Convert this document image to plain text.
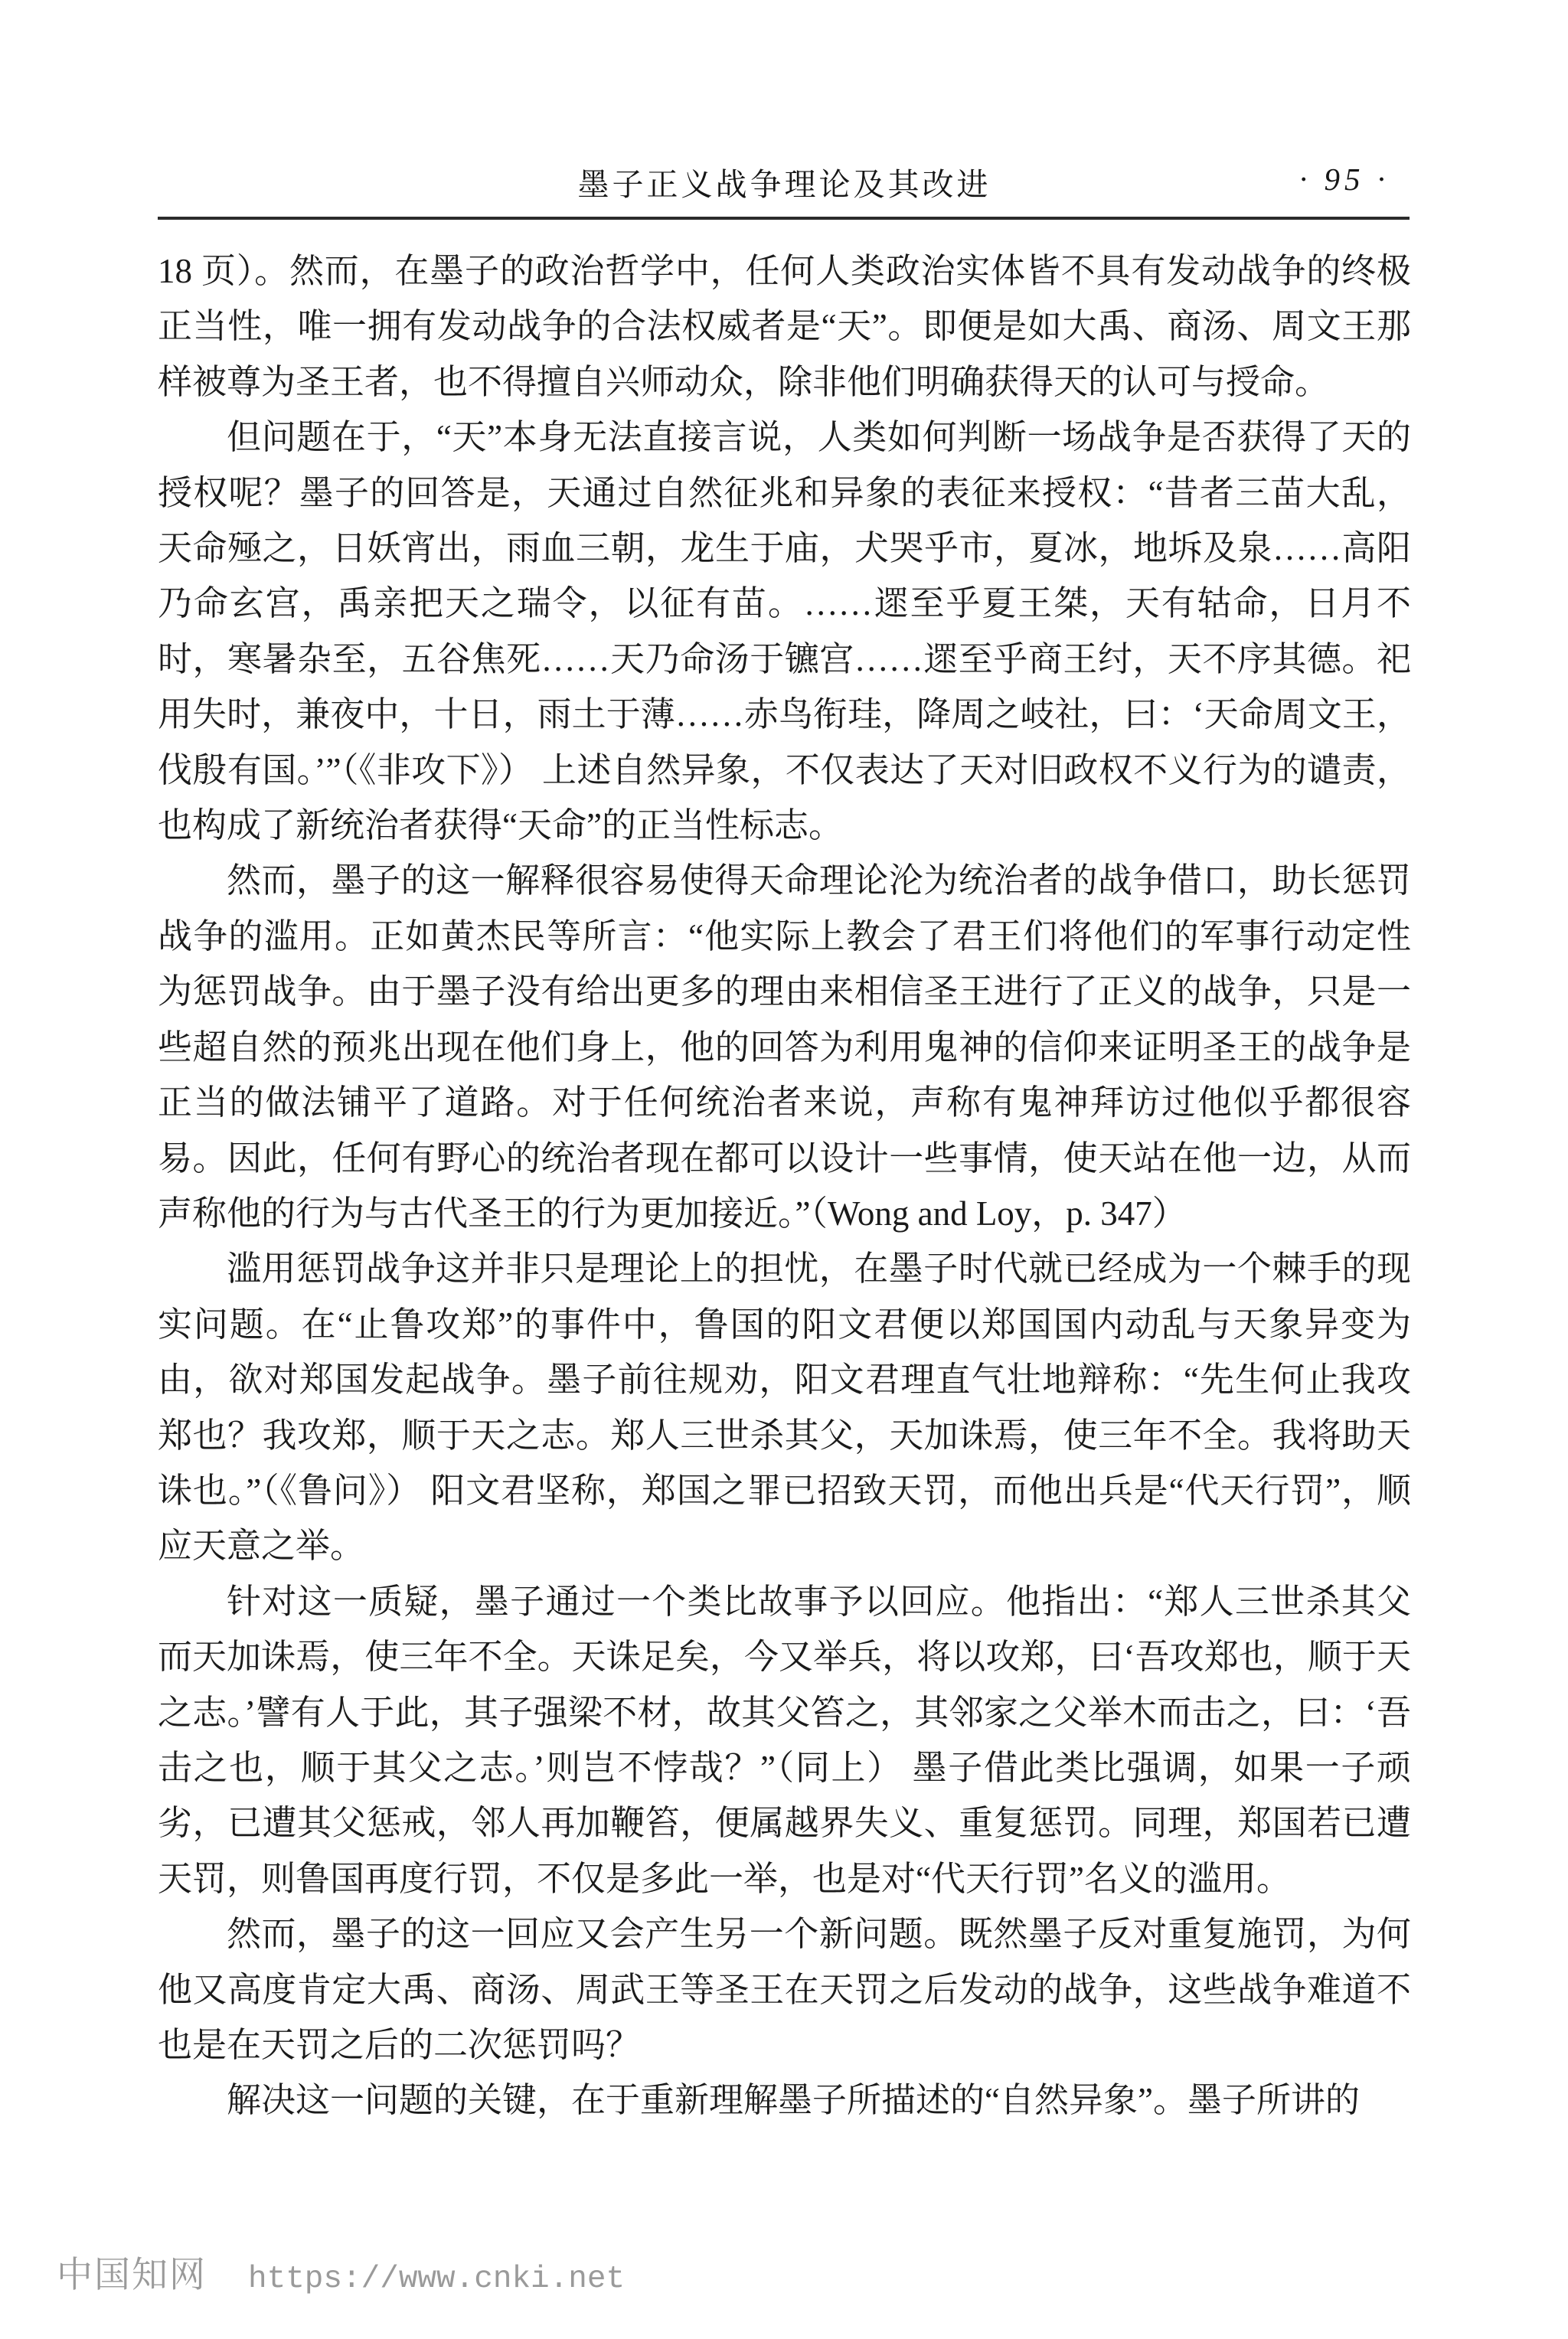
墨子正义战争理论及其改进	· 95 ·

18 页）。然而，在墨子的政治哲学中，任何人类政治实体皆不具有发动战争的终极正当性，唯一拥有发动战争的合法权威者是“天”。即便是如大禹、商汤、周文王那样被尊为圣王者，也不得擅自兴师动众，除非他们明确获得天的认可与授命。

但问题在于，“天”本身无法直接言说，人类如何判断一场战争是否获得了天的授权呢？墨子的回答是，天通过自然征兆和异象的表征来授权：“昔者三苗大乱，天命殛之，日妖宵出，雨血三朝，龙生于庙，犬哭乎市，夏冰，地坼及泉……高阳乃命玄宫，禹亲把天之瑞令，以征有苗。……遝至乎夏王桀，天有轱命，日月不时，寒暑杂至，五谷焦死……天乃命汤于镳宫……遝至乎商王纣，天不序其德。祀用失时，兼夜中，十日，雨土于薄……赤鸟衔珪，降周之岐社，曰：‘天命周文王，伐殷有国。’”（《非攻下》） 上述自然异象，不仅表达了天对旧政权不义行为的谴责，也构成了新统治者获得“天命”的正当性标志。

然而，墨子的这一解释很容易使得天命理论沦为统治者的战争借口，助长惩罚战争的滥用。正如黄杰民等所言：“他实际上教会了君王们将他们的军事行动定性为惩罚战争。由于墨子没有给出更多的理由来相信圣王进行了正义的战争，只是一些超自然的预兆出现在他们身上，他的回答为利用鬼神的信仰来证明圣王的战争是正当的做法铺平了道路。对于任何统治者来说，声称有鬼神拜访过他似乎都很容易。因此，任何有野心的统治者现在都可以设计一些事情，使天站在他一边，从而声称他的行为与古代圣王的行为更加接近。”（Wong and Loy，p. 347）

滥用惩罚战争这并非只是理论上的担忧，在墨子时代就已经成为一个棘手的现实问题。在“止鲁攻郑”的事件中，鲁国的阳文君便以郑国国内动乱与天象异变为由，欲对郑国发起战争。墨子前往规劝，阳文君理直气壮地辩称：“先生何止我攻郑也？我攻郑，顺于天之志。郑人三世杀其父，天加诛焉，使三年不全。我将助天诛也。”（《鲁问》） 阳文君坚称，郑国之罪已招致天罚，而他出兵是“代天行罚”，顺应天意之举。

针对这一质疑，墨子通过一个类比故事予以回应。他指出：“郑人三世杀其父而天加诛焉，使三年不全。天诛足矣，今又举兵，将以攻郑，曰‘吾攻郑也，顺于天之志。’譬有人于此，其子强梁不材，故其父笞之，其邻家之父举木而击之，曰：‘吾击之也，顺于其父之志。’则岂不悖哉？”（同上） 墨子借此类比强调，如果一子顽劣，已遭其父惩戒，邻人再加鞭笞，便属越界失义、重复惩罚。同理，郑国若已遭天罚，则鲁国再度行罚，不仅是多此一举，也是对“代天行罚”名义的滥用。

然而，墨子的这一回应又会产生另一个新问题。既然墨子反对重复施罚，为何他又高度肯定大禹、商汤、周武王等圣王在天罚之后发动的战争，这些战争难道不也是在天罚之后的二次惩罚吗？

解决这一问题的关键，在于重新理解墨子所描述的“自然异象”。墨子所讲的

中国知网 https://www.cnki.net
